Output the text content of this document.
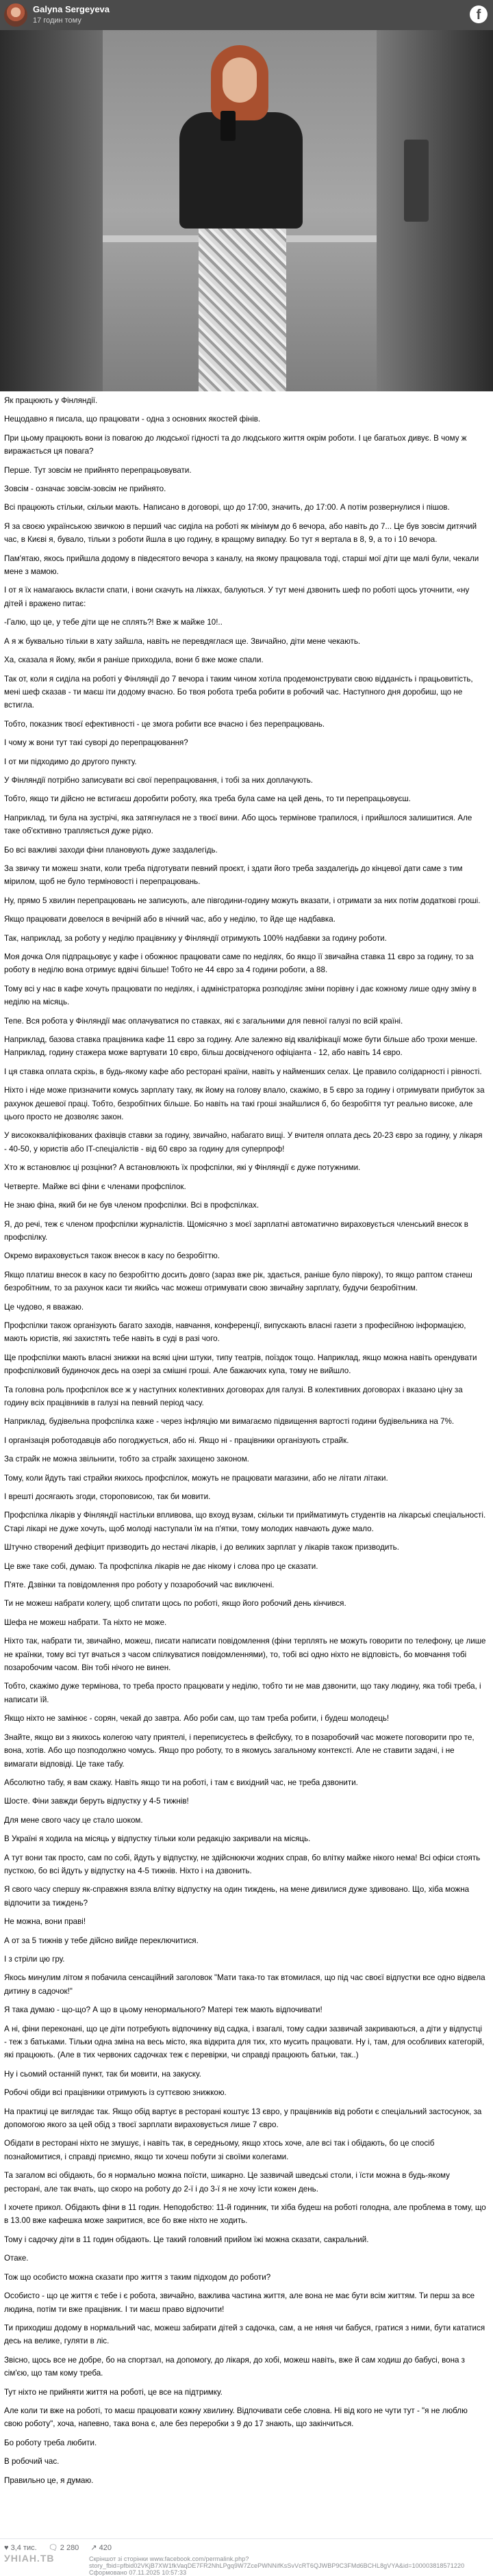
Galyna Sergeyeva
17 годин тому	f

Як працюють у Фінляндії.

Нещодавно я писала, що працювати - одна з основних якостей фінів.

При цьому працюють вони із повагою до людської гідності та до людського життя окрім роботи. І це багатьох дивує. В чому ж виражається ця повага?

Перше. Тут зовсім не прийнято перепрацьовувати.

Зовсім - означає зовсім-зовсім не прийнято.

Всі працюють стільки, скільки мають. Написано в договорі, що до 17:00, значить, до 17:00. А потім розвернулися і пішов.

Я за своєю українською звичкою в перший час сиділа на роботі як мінімум до 6 вечора, або навіть до 7... Це був зовсім дитячий час, в Києві я, бувало, тільки з роботи йшла в цю годину, в кращому випадку. Бо тут я вертала в 8, 9, а то і 10 вечора.

Пам'ятаю, якось прийшла додому в півдесятого вечора з каналу, на якому працювала тоді, старші мої діти ще малі були, чекали мене з мамою.

І от я їх намагаюсь вкласти спати, і вони скачуть на ліжках, балуються. У тут мені дзвонить шеф по роботі щось уточнити, «ну дітей і вражено питає:

-Галю, що це, у тебе діти ще не сплять?! Вже ж майже 10!..

А я ж буквально тільки в хату зайшла, навіть не перевдяглася ще. Звичайно, діти мене чекають.

Ха, сказала я йому, якби я раніше приходила, вони б вже може спали.

Так от, коли я сиділа на роботі у Фінляндії до 7 вечора і таким чином хотіла продемонструвати свою відданість і працьовитість, мені шеф сказав - ти маєш іти додому вчасно. Бо твоя робота треба робити в робочий час. Наступного дня доробиш, що не встигла.

Тобто, показник твоєї ефективності - це змога робити все вчасно і без перепрацювань.

І чому ж вони тут такі суворі до перепрацювання?

І от ми підходимо до другого пункту.

У Фінляндії потрібно записувати всі свої перепрацювання, і тобі за них доплачують.

Тобто, якщо ти дійсно не встигаєш доробити роботу, яка треба була саме на цей день, то ти перепрацьовуєш.

Наприклад, ти була на зустрічі, яка затягнулася не з твоєї вини. Або щось термінове трапилося, і прийшлося залишитися. Але таке об'єктивно трапляється дуже рідко.

Бо всі важливі заходи фіни плановують дуже заздалегідь.

За звичку ти можеш знати, коли треба підготувати певний проєкт, і здати його треба заздалегідь до кінцевої дати саме з тим мірилом, щоб не було терміновості і перепрацювань.

Ну, прямо 5 хвилин перепрацювань не записують, але півгодини-годину можуть вказати, і отримати за них потім додаткові гроші.

Якщо працювати довелося в вечірній або в нічний час, або у неділю, то йде ще надбавка.

Так, наприклад, за роботу у неділю працівнику у Фінляндії отримують 100% надбавки за годину роботи.

Моя дочка Оля підпрацьовує у кафе і обожнює працювати саме по неділях, бо якщо її звичайна ставка 11 євро за годину, то за роботу в неділю вона отримує вдвічі більше! Тобто не 44 євро за 4 години роботи, а 88.

Тому всі у нас в кафе хочуть працювати по неділях, і адміністраторка розподіляє зміни порівну і дає кожному лише одну зміну в неділю на місяць.

Тепе. Вся робота у Фінляндії має оплачуватися по ставках, які є загальними для певної галузі по всій країні.

Наприклад, базова ставка працівника кафе 11 євро за годину. Але залежно від кваліфікації може бути більше або трохи менше. Наприклад, годину стажера може вартувати 10 євро, більш досвідченого офіціанта - 12, або навіть 14 євро.

І ця ставка оплата скрізь, в будь-якому кафе або ресторані країни, навіть у найменших селах. Це правило солідарності і рівності.

Ніхто і ніде може призначити комусь зарплату таку, як йому на голову влало, скажімо, в 5 євро за годину і отримувати прибуток за рахунок дешевої праці. Тобто, безробітних більше. Бо навіть на такі гроші знайшлися б, бо безробіття тут реально високе, але цього просто не дозволяє закон.

У висококваліфікованих фахівців ставки за годину, звичайно, набагато вищі. У вчителя оплата десь 20-23 євро за годину, у лікаря - 40-50, у юристів або IT-спеціалістів - від 60 євро за годину для суперпроф!

Хто ж встановлює ці розцінки? А встановлюють їх профспілки, які у Фінляндії є дуже потужними.

Четверте. Майже всі фіни є членами профспілок.

Не знаю фіна, який би не був членом профспілки. Всі в профспілках.

Я, до речі, теж є членом профспілки журналістів. Щомісячно з моєї зарплатні автоматично вираховується членський внесок в профспілку.

Окремо вираховується також внесок в касу по безробіттю.

Якщо платиш внесок в касу по безробіттю досить довго (зараз вже рік, здається, раніше було півроку), то якщо раптом станеш безробітним, то за рахунок каси ти якийсь час можеш отримувати свою звичайну зарплату, будучи безробітним.

Це чудово, я вважаю.

Профспілки також організують багато заходів, навчання, конференції, випускають власні газети з професійною інформацією, мають юристів, які захистять тебе навіть в суді в разі чого.

Ще профспілки мають власні знижки на всякі ціни штуки, типу театрів, поїздок тощо. Наприклад, якщо можна навіть орендувати профспілковий будиночок десь на озері за смішні гроші. Але бажаючих купа, тому не вийшло.

Та головна роль профспілок все ж у наступних колективних договорах для галузі. В колективних договорах і вказано ціну за годину всіх працівників в галузі на певний період часу.

Наприклад, будівельна профспілка каже - через інфляцію ми вимагаємо підвищення вартості години будівельника на 7%.

І організація роботодавців або погоджується, або ні. Якщо ні - працівники організують страйк.

За страйк не можна звільнити, тобто за страйк захищено законом.

Тому, коли йдуть такі страйки якихось профспілок, можуть не працювати магазини, або не літати літаки.

І врешті досягають згоди, стороповисою, так би мовити.

Профспілка лікарів у Фінляндії настільки впливова, що вхоуд вузам, скільки ти прийматимуть студентів на лікарські спеціальності. Старі лікарі не дуже хочуть, щоб молоді наступали їм на п'ятки, тому молодих навчають дуже мало.

Штучно створений дефіцит призводить до нестачі лікарів, і до великих зарплат у лікарів також призводить.

Це вже таке собі, думаю. Та профспілка лікарів не дає нікому і слова про це сказати.

П'яте. Дзвінки та повідомлення про роботу у позаробочий час виключені.

Ти не можеш набрати колегу, щоб спитати щось по роботі, якщо його робочий день кінчився.

Шефа не можеш набрати. Та ніхто не може.

Ніхто так, набрати ти, звичайно, можеш, писати написати повідомлення (фіни терплять не можуть говорити по телефону, це лише не країнки, тому всі тут вчаться з часом спілкуватися повідомленнями), то, тобі всі одно ніхто не відповість, бо мовчання тобі позаробочим часом. Він тобі нічого не винен.

Тобто, скажімо дуже термінова, то треба просто працювати у неділю, тобто ти не мав дзвонити, що таку людину, яка тобі треба, і написати їй.

Якщо ніхто не замінює - сорян, чекай до завтра. Або роби сам, що там треба робити, і будеш молодець!

Знайте, якщо ви з якихось колегою чату приятелі, і переписуєтесь в фейсбуку, то в позаробочий час можете поговорити про те, вона, хотів. Або що позподолжно чомусь. Якщо про роботу, то в якомусь загальному контексті. Але не ставити задачі, і не вимагати відповіді. Це таке табу.

Абсолютно табу, я вам скажу. Навіть якщо ти на роботі, і там є вихідний час, не треба дзвонити.

Шосте. Фіни завжди беруть відпустку у 4-5 тижнів!

Для мене свого часу це стало шоком.

В Україні я ходила на місяць у відпустку тільки коли редакцію закривали на місяць.

А тут вони так просто, сам по собі, йдуть у відпустку, не здійснюючи жодних справ, бо влітку майже нікого нема! Всі офіси стоять пусткою, бо всі йдуть у відпустку на 4-5 тижнів. Ніхто і на дзвонить.

Я свого часу спершу як-справжня взяла влітку відпустку на один тиждень, на мене дивилися дуже здивовано. Що, хіба можна відпочити за тиждень?

Не можна, вони праві!

А от за 5 тижнів у тебе дійсно вийде переключитися.

І з стріли цю гру.

Якось минулим літом я побачила сенсаційний заголовок "Мати така-то так втомилася, що під час своєї відпустки все одно відвела дитину в садочок!"

Я така думаю - що-що? А що в цьому ненормального? Матері теж мають відпочивати!

А ні, фіни переконані, що це діти потребують відпочинку від садка, і взагалі, тому садки зазвичай закриваються, а діти у відпустці - теж з батьками. Тільки одна зміна на весь місто, яка відкрита для тих, хто мусить працювати. Ну і, там, для особливих категорій, які працюють. (Але в тих червоних садочках теж є перевірки, чи справді працюють батьки, так..)

Ну і сьомий останній пункт, так би мовити, на закуску.

Робочі обіди всі працівники отримують із суттєвою знижкою.

На практиці це виглядає так. Якщо обід вартує в ресторані коштує 13 євро, у працівників від роботи є спеціальний застосунок, за допомогою якого за цей обід з твоєї зарплати вираховується лише 7 євро.

Обідати в ресторані ніхто не змушує, і навіть так, в середньому, якщо хтось хоче, але всі так і обідають, бо це спосіб познайомитися, і справді приємно, якщо ти хочеш побути зі своїми колегами.

Та загалом всі обідають, бо я нормально можна поїсти, шикарно. Це зазвичай шведські столи, і їсти можна в будь-якому ресторані, але так вчать, що скоро на роботу до 2-ї і до 3-ї я не хочу їсти кожен день.

І хочете прикол. Обідають фіни в 11 годин. Неподобство: 11-й годинник, ти хіба будеш на роботі голодна, але проблема в тому, що в 13.00 вже кафешка може закритися, все бо вже ніхто не ходить.

Тому і садочку діти в 11 годин обідають. Це такий головний прийом їжі можна сказати, сакральний.

Отаке.

Тож що особисто можна сказати про життя з таким підходом до роботи?

Особисто - що це життя є тебе і є робота, звичайно, важлива частина життя, але вона не має бути всім життям. Ти перш за все людина, потім ти вже працівник. І ти маєш право відпочити!

Ти приходиш додому в нормальний час, можеш забирати дітей з садочка, сам, а не няня чи бабуся, гратися з ними, бути кататися десь на велике, гуляти в ліс.

Звісно, щось все не добре, бо на спортзал, на допомогу, до лікаря, до хобі, можеш навіть, вже й сам ходиш до бабусі, вона з сім'єю, що там кому треба.

Тут ніхто не прийняти життя на роботі, це все на підтримку.

Але коли ти вже на роботі, то маєш працювати кожну хвилину. Відпочивати себе словна. Ні від кого не чути тут - "я не люблю свою роботу", хоча, напевно, така вона є, але без переробки з 9 до 17 знають, що закінчиться.

Бо роботу треба любити.

В робочий час.

Правильно це, я думаю.

♥ 3,4 тис. 🗨 2 280 ↗ 420
УНІАН.ТВ	Скріншот зі сторінки www.facebook.com/permalink.php?story_fbid=pfbid02VKjB7XW1fkVaqDE7FR2NhLPgq9W7ZcePWNNifKsSvVcRT6QJWBP9C3FMd6BCHL8gVYA&id=100003818571220 Сформовано 07.11.2025 10:57:33
